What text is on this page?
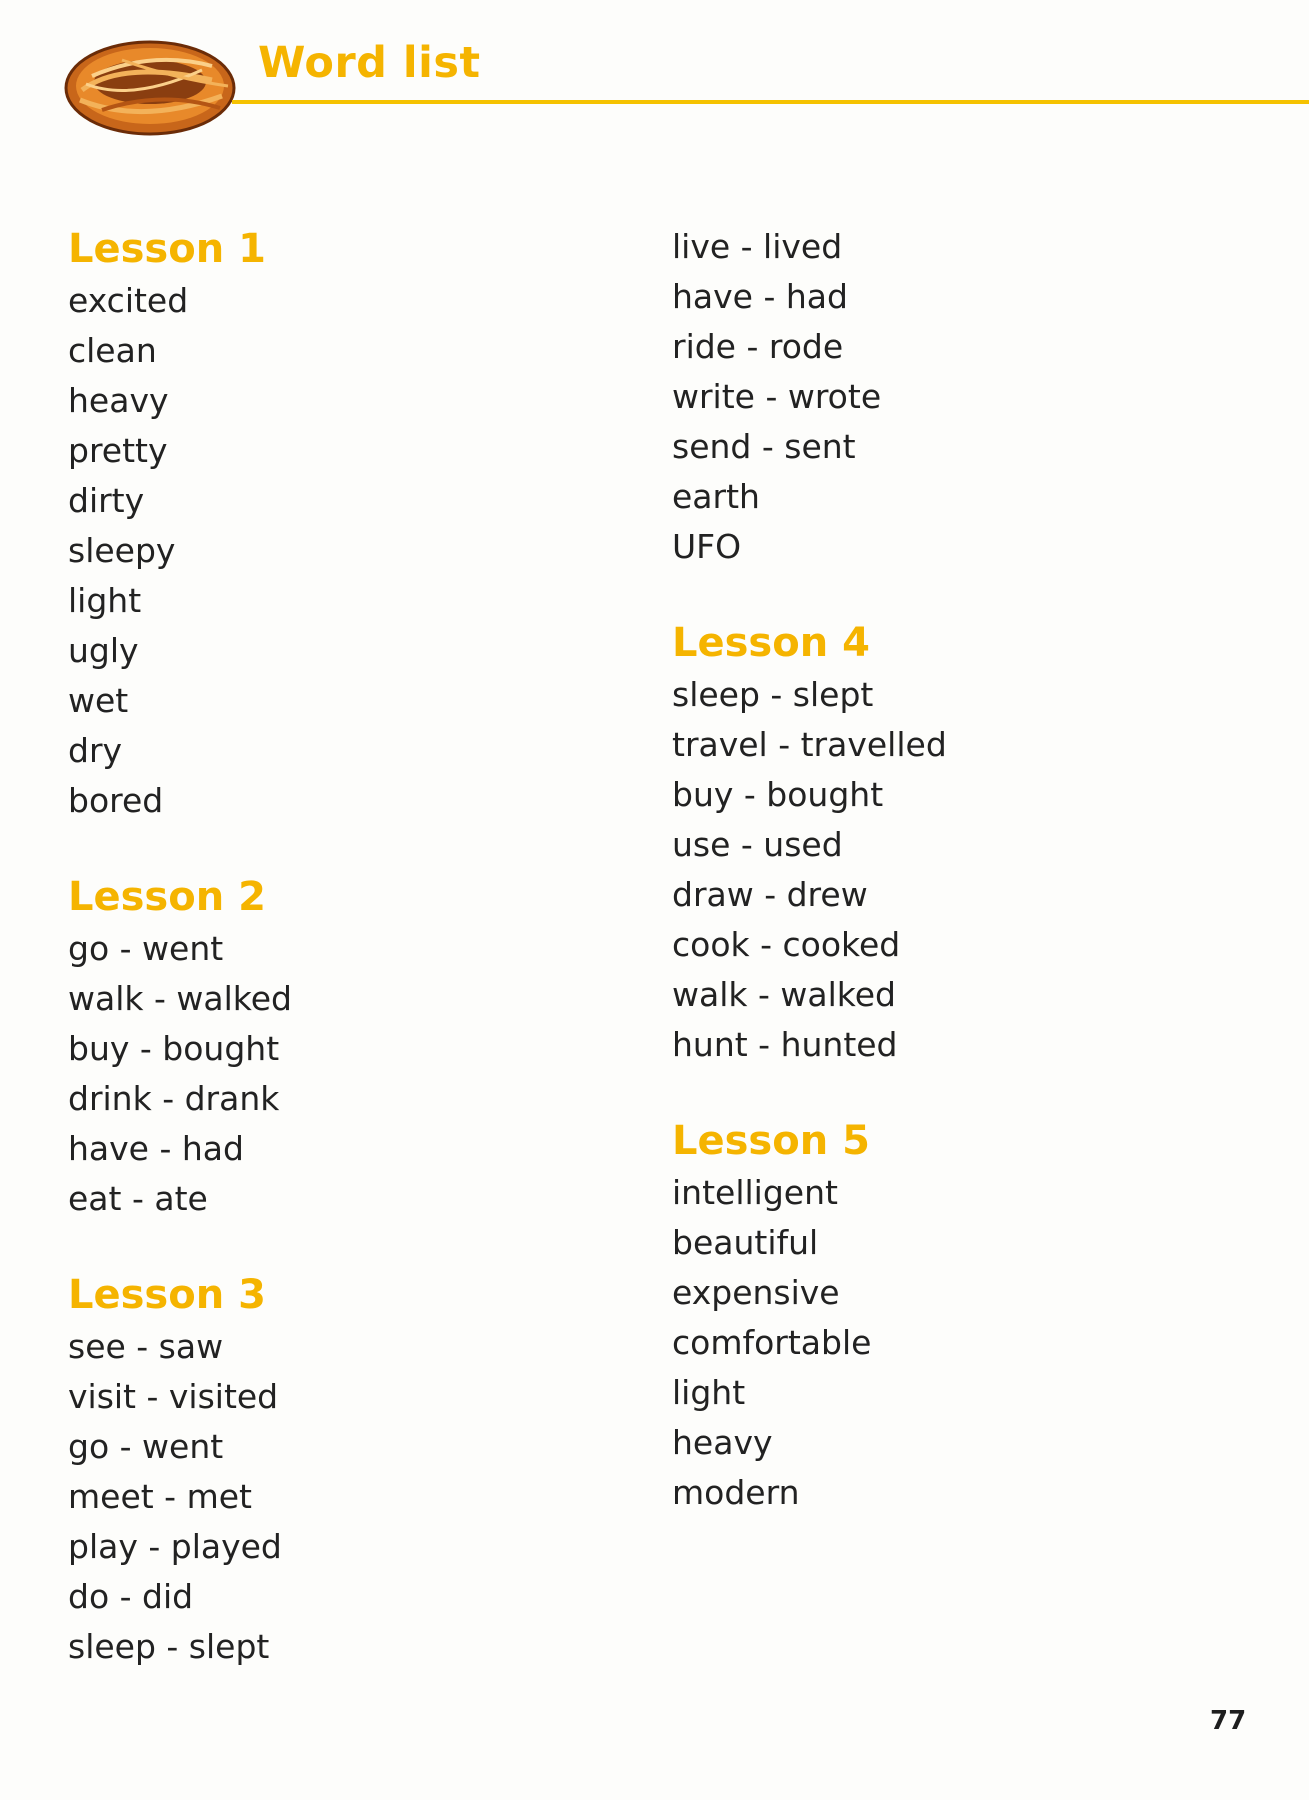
Word list
Lesson 1
excited
clean
heavy
pretty
dirty
sleepy
light
ugly
wet
dry
bored
Lesson 2
go - went
walk - walked
buy - bought
drink - drank
have - had
eat - ate
Lesson 3
see - saw
visit - visited
go - went
meet - met
play - played
do - did
sleep - slept
live - lived
have - had
ride - rode
write - wrote
send - sent
earth
UFO
Lesson 4
sleep - slept
travel - travelled
buy - bought
use - used
draw - drew
cook - cooked
walk - walked
hunt - hunted
Lesson 5
intelligent
beautiful
expensive
comfortable
light
heavy
modern
77
